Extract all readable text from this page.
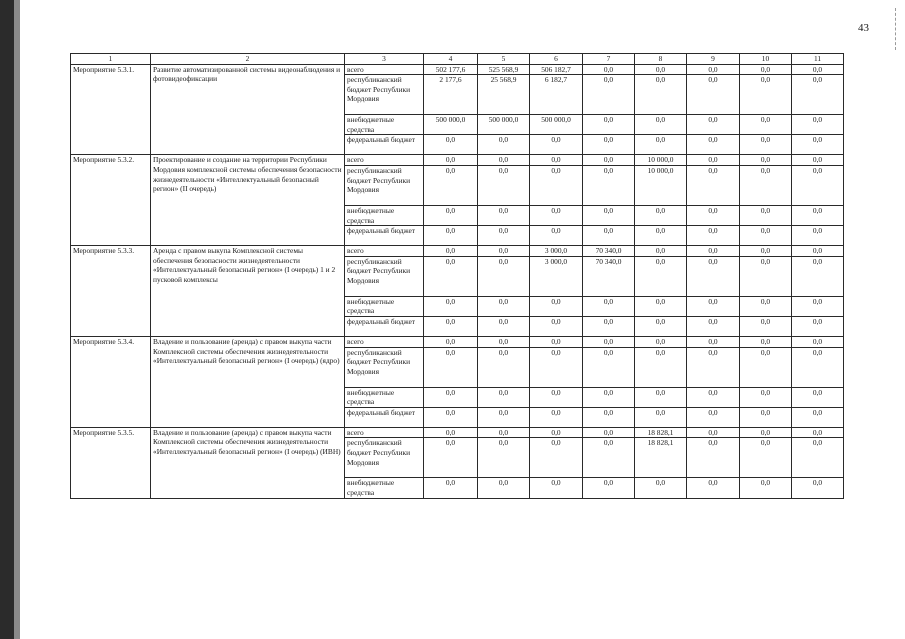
43
1	2	3	4	5	6	7	8	9	10	11
Мероприятие 5.3.1.	Развитие автоматизированной системы видеонаблюдения и фотовидеофиксации	всего	502 177,6	525 568,9	506 182,7	0,0	0,0	0,0	0,0	0,0
		республиканский бюджет Республики Мордовия	2 177,6	25 568,9	6 182,7	0,0	0,0	0,0	0,0	0,0
		внебюджетные средства	500 000,0	500 000,0	500 000,0	0,0	0,0	0,0	0,0	0,0
		федеральный бюджет	0,0	0,0	0,0	0,0	0,0	0,0	0,0	0,0
Мероприятие 5.3.2.	Проектирование и создание на территории Республики Мордовия комплексной системы обеспечения безопасности жизнедеятельности «Интеллектуальный безопасный регион» (II очередь)	всего	0,0	0,0	0,0	0,0	10 000,0	0,0	0,0	0,0
		республиканский бюджет Республики Мордовия	0,0	0,0	0,0	0,0	10 000,0	0,0	0,0	0,0
		внебюджетные средства	0,0	0,0	0,0	0,0	0,0	0,0	0,0	0,0
		федеральный бюджет	0,0	0,0	0,0	0,0	0,0	0,0	0,0	0,0
Мероприятие 5.3.3.	Аренда с правом выкупа Комплексной системы обеспечения безопасности жизнедеятельности «Интеллектуальный безопасный регион» (I очередь) 1 и 2 пусковой комплексы	всего	0,0	0,0	3 000,0	70 340,0	0,0	0,0	0,0	0,0
		республиканский бюджет Республики Мордовия	0,0	0,0	3 000,0	70 340,0	0,0	0,0	0,0	0,0
		внебюджетные средства	0,0	0,0	0,0	0,0	0,0	0,0	0,0	0,0
		федеральный бюджет	0,0	0,0	0,0	0,0	0,0	0,0	0,0	0,0
Мероприятие 5.3.4.	Владение и пользование (аренда) с правом выкупа части Комплексной системы обеспечения жизнедеятельности «Интеллектуальный безопасный регион» (I очередь) (ядро)	всего	0,0	0,0	0,0	0,0	0,0	0,0	0,0	0,0
		республиканский бюджет Республики Мордовия	0,0	0,0	0,0	0,0	0,0	0,0	0,0	0,0
		внебюджетные средства	0,0	0,0	0,0	0,0	0,0	0,0	0,0	0,0
		федеральный бюджет	0,0	0,0	0,0	0,0	0,0	0,0	0,0	0,0
Мероприятие 5.3.5.	Владение и пользование (аренда) с правом выкупа части Комплексной системы обеспечения жизнедеятельности «Интеллектуальный безопасный регион» (I очередь) (ИВН)	всего	0,0	0,0	0,0	0,0	18 828,1	0,0	0,0	0,0
		республиканский бюджет Республики Мордовия	0,0	0,0	0,0	0,0	18 828,1	0,0	0,0	0,0
		внебюджетные средства	0,0	0,0	0,0	0,0	0,0	0,0	0,0	0,0
